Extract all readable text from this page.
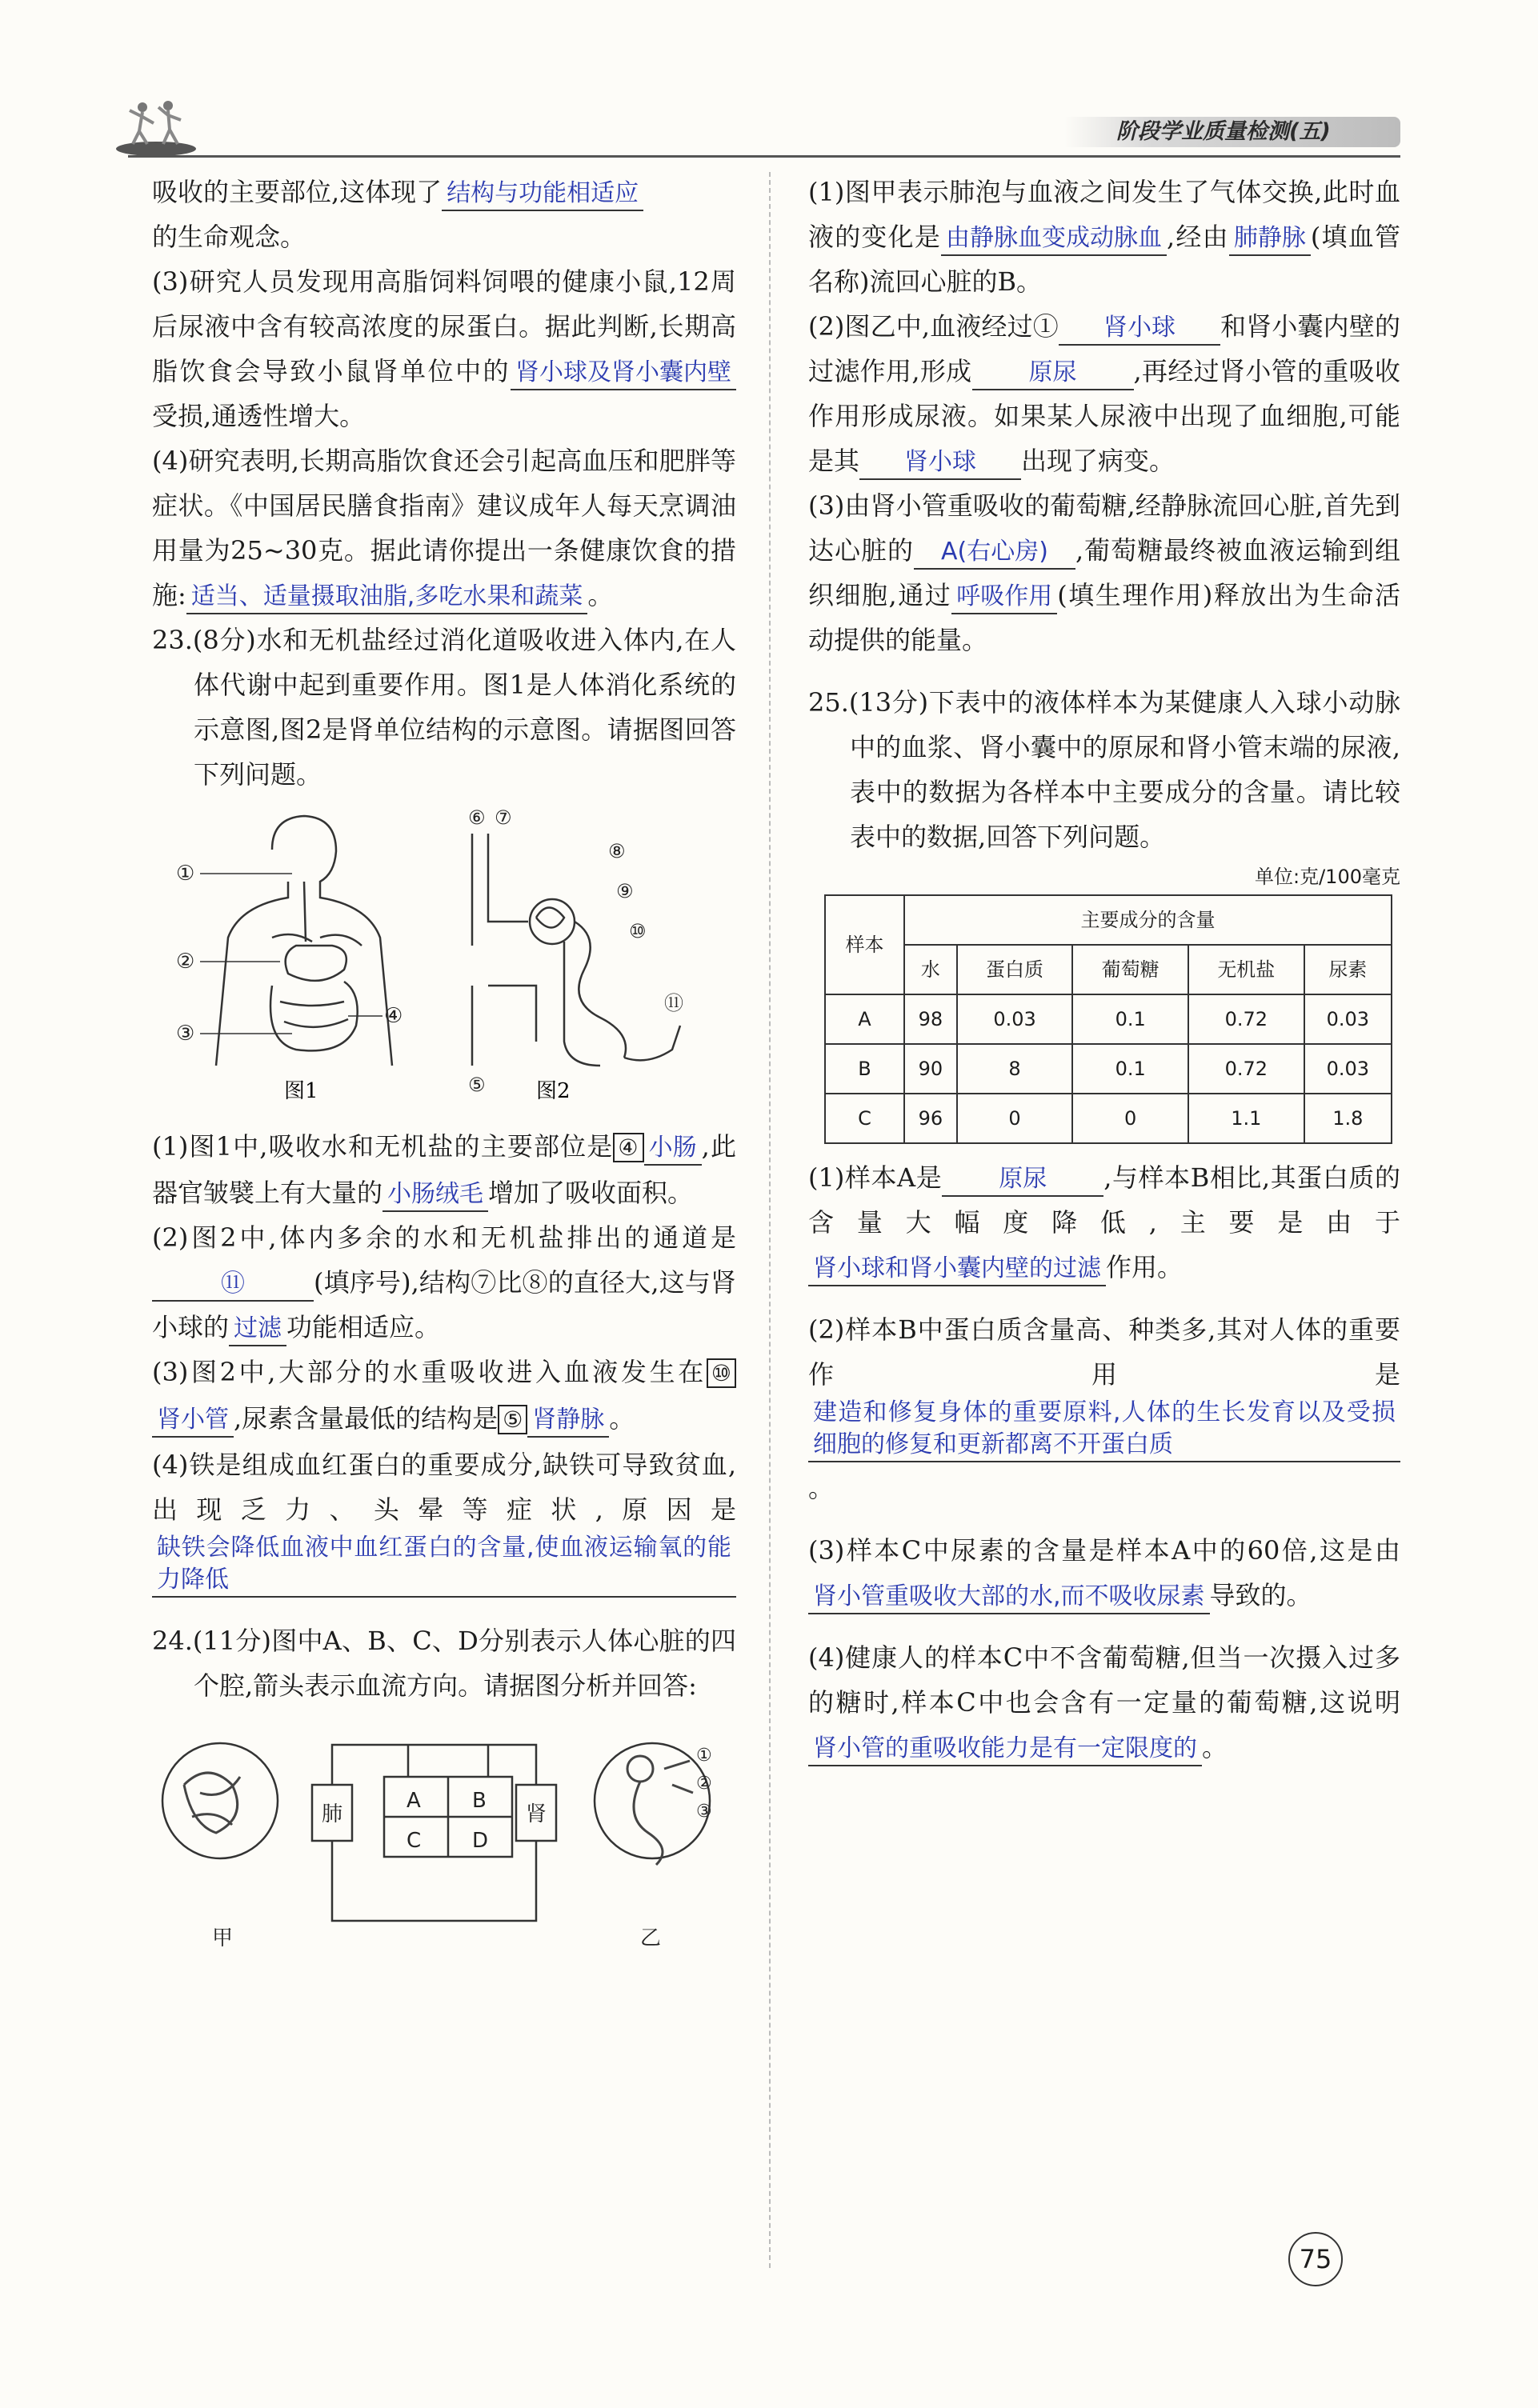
阶段学业质量检测(五)

吸收的主要部位,这体现了 结构与功能相适应
的生命观念。

(3)研究人员发现用高脂饲料饲喂的健康小鼠,12周后尿液中含有较高浓度的尿蛋白。据此判断,长期高脂饮食会导致小鼠肾单位中的 肾小球及肾小囊内壁受损,通透性增大。

(4)研究表明,长期高脂饮食还会引起高血压和肥胖等症状。《中国居民膳食指南》建议成年人每天烹调油用量为25~30克。据此请你提出一条健康饮食的措施: 适当、适量摄取油脂,多吃水果和蔬菜 。

23.(8分)水和无机盐经过消化道吸收进入体内,在人体代谢中起到重要作用。图1是人体消化系统的示意图,图2是肾单位结构的示意图。请据图回答下列问题。

①
②
③
④
图1
⑥ ⑦
⑧
⑨
⑩
⑪
⑤ 图2

(1)图1中,吸收水和无机盐的主要部位是 ④ 小肠 ,此器官皱襞上有大量的 小肠绒毛 增加了吸收面积。

(2)图2中,体内多余的水和无机盐排出的通道是⑪	(填序号),结构⑦比⑧的直径大,这与肾小球的 过滤 功能相适应。

(3)图2中,大部分的水重吸收进入血液发生在 ⑩肾小管 ,尿素含量最低的结构是 ⑤ 肾静脉 。

(4)铁是组成血红蛋白的重要成分,缺铁可导致贫血,出现乏力、头晕等症状,原因是缺铁会降低血液中血红蛋白的含量,使血液运输氧的能力降低

24.(11分)图中A、B、C、D分别表示人体心脏的四个腔,箭头表示血流方向。请据图分析并回答:

肺	肾
A B
C D
①
②
③
甲	乙

(1)图甲表示肺泡与血液之间发生了气体交换,此时血液的变化是 由静脉血变成动脉血 ,经由 肺静脉 (填血管名称)流回心脏的B。

(2)图乙中,血液经过① 肾小球 和肾小囊内壁的过滤作用,形成 原尿 ,再经过肾小管的重吸收作用形成尿液。如果某人尿液中出现了血细胞,可能是其 肾小球 出现了病变。

(3)由肾小管重吸收的葡萄糖,经静脉流回心脏,首先到达心脏的 A(右心房) ,葡萄糖最终被血液运输到组织细胞,通过 呼吸作用 (填生理作用)释放出为生命活动提供的能量。

25.(13分)下表中的液体样本为某健康人入球小动脉中的血浆、肾小囊中的原尿和肾小管末端的尿液,表中的数据为各样本中主要成分的含量。请比较表中的数据,回答下列问题。

单位:克/100毫克
样本	主要成分的含量				
	水	蛋白质	葡萄糖	无机盐	尿素
A	98	0.03	0.1	0.72	0.03
B	90	8	0.1	0.72	0.03
C	96	0	0	1.1	1.8

(1)样本A是 原尿 ,与样本B相比,其蛋白质的含量大幅度降低,主要是由于肾小球和肾小囊内壁的过滤 作用。

(2)样本B中蛋白质含量高、种类多,其对人体的重要作用是建造和修复身体的重要原料,人体的生长发育以及受损细胞的修复和更新都离不开蛋白质。

(3)样本C中尿素的含量是样本A中的60倍,这是由肾小管重吸收大部的水,而不吸收尿素 导致的。

(4)健康人的样本C中不含葡萄糖,但当一次摄入过多的糖时,样本C中也会含有一定量的葡萄糖,这说明肾小管的重吸收能力是有一定限度的 。

75
